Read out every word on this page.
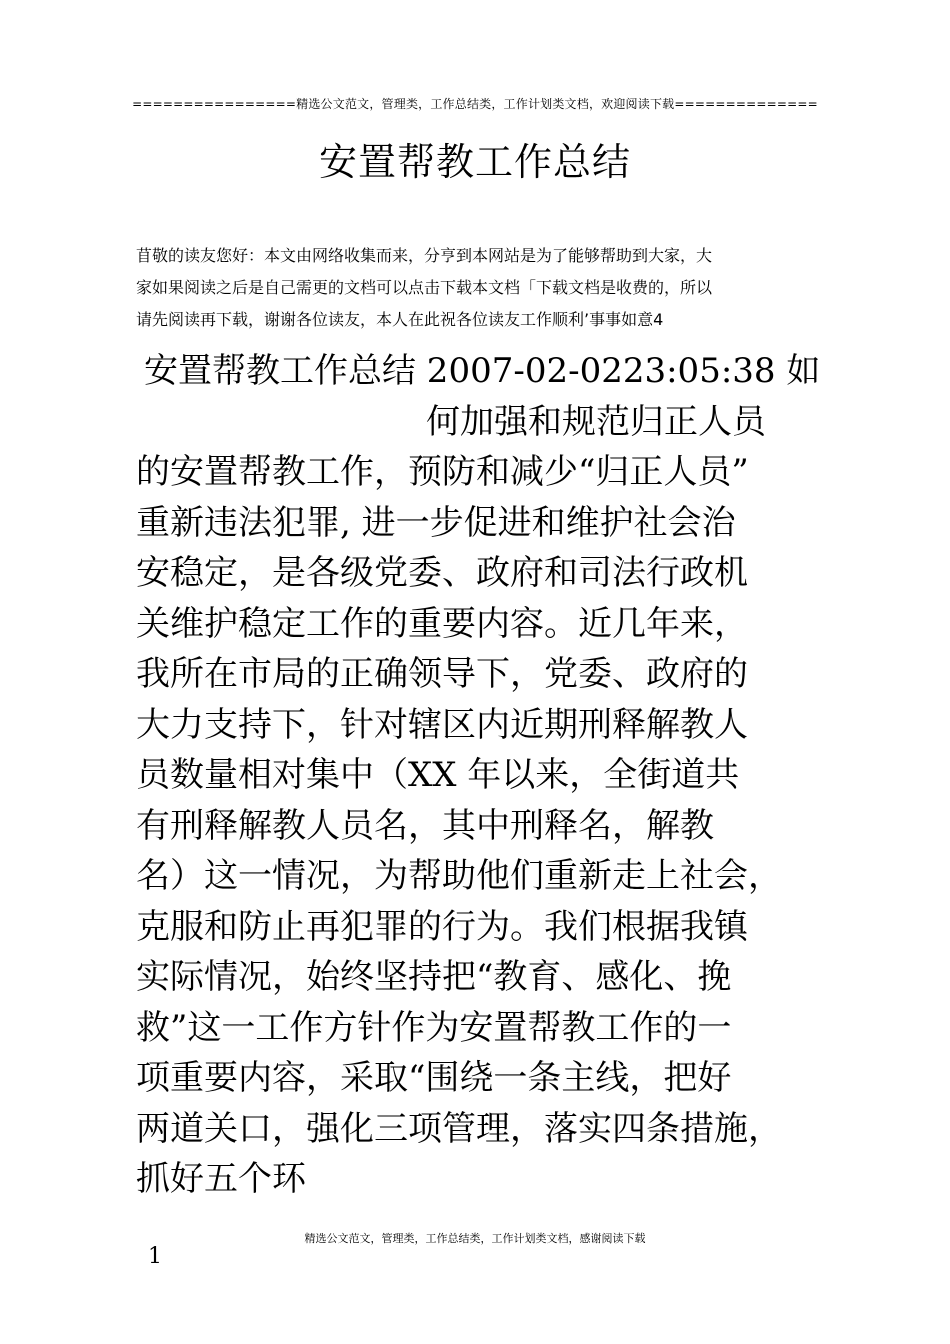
================精选公文范文，管理类，工作总结类，工作计划类文档，欢迎阅读下载==============
安置帮教工作总结
苜敬的读友您好：本文由网络收集而来，分亨到本网站是为了能够帮助到大家，大
家如果阅读之后是自己需更的文档可以点击下载本文档「下载文档是收费的，所以
请先阅读再下载，谢谢各位读友，本人在此祝各位读友工作顺利’事事如意4
安置帮教工作总结 2007-02-0223:05:38 如
何加强和规范归正人员
的安置帮教工作，预防和减少“归正人员”
重新违法犯罪, 进一步促进和维护社会治
安稳定，是各级党委、政府和司法行政机
关维护稳定工作的重要内容。近几年来，
我所在市局的正确领导下，党委、政府的
大力支持下，针对辖区内近期刑释解教人
员数量相对集中（XX 年以来，全街道共
有刑释解教人员名，其中刑释名，解教
名）这一情况，为帮助他们重新走上社会，
克服和防止再犯罪的行为。我们根据我镇
实际情况，始终坚持把“教育、感化、挽
救”这一工作方针作为安置帮教工作的一
项重要内容，采取“围绕一条主线，把好
两道关口，强化三项管理，落实四条措施，
抓好五个环
精选公文范文，管理类，工作总结类，工作计划类文档，感谢阅读下载
1
